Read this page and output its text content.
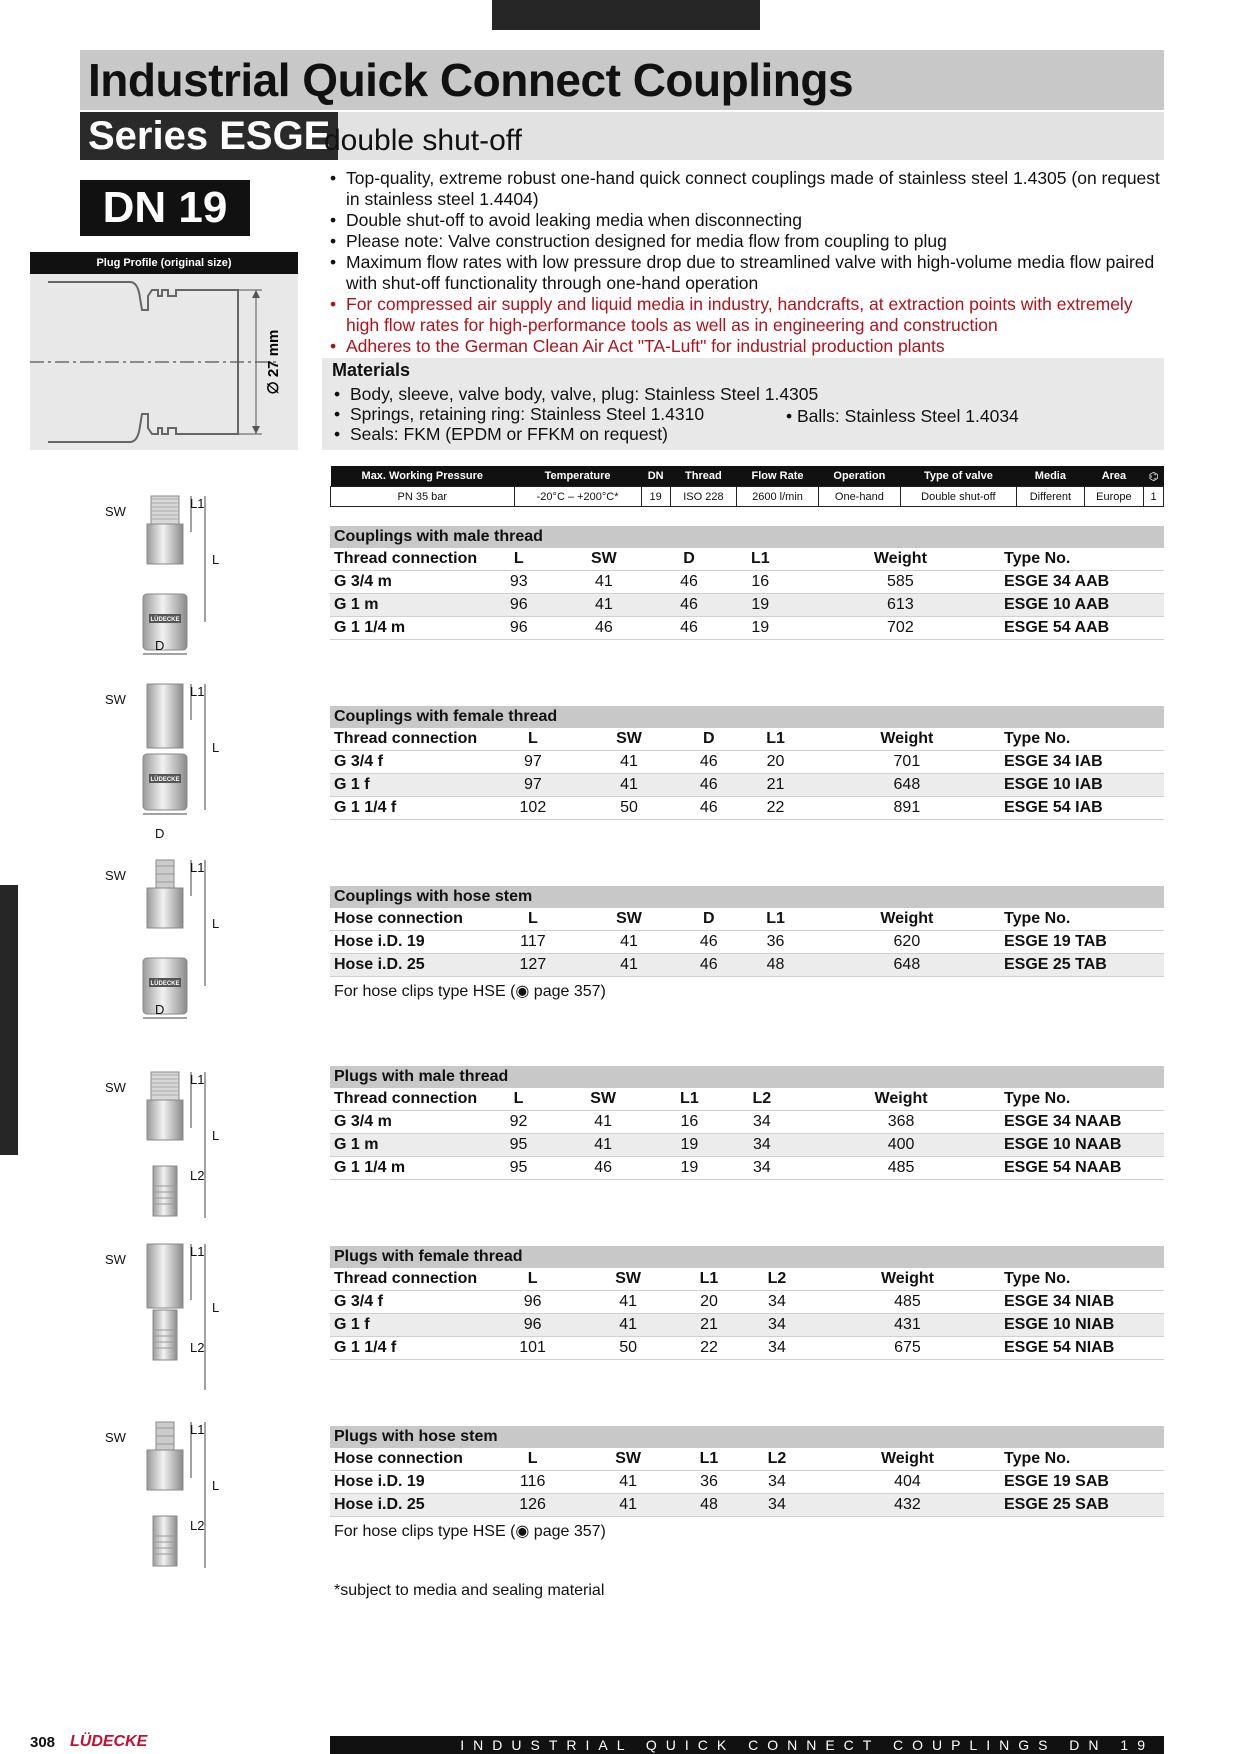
Industrial Quick Connect Couplings
Series ESGE
double shut-off
DN 19
Plug Profile (original size)
∅ 27 mm
• Top-quality, extreme robust one-hand quick connect couplings made of stainless steel 1.4305 (on request in stainless steel 1.4404)
• Double shut-off to avoid leaking media when disconnecting
• Please note: Valve construction designed for media flow from coupling to plug
• Maximum flow rates with low pressure drop due to streamlined valve with high-volume media flow paired with shut-off functionality through one-hand operation
• For compressed air supply and liquid media in industry, handcrafts, at extraction points with extremely high flow rates for high-performance tools as well as in engineering and construction
• Adheres to the German Clean Air Act "TA-Luft" for industrial production plants
Materials
• Body, sleeve, valve body, valve, plug: Stainless Steel 1.4305
• Springs, retaining ring: Stainless Steel 1.4310
• Seals: FKM (EPDM or FFKM on request)
• Balls: Stainless Steel 1.4034
Max. Working Pressure	Temperature	DN	Thread	Flow Rate	Operation	Type of valve	Media	Area	⌬
PN 35 bar	-20°C – +200°C*	19	ISO 228	2600 l/min	One-hand	Double shut-off	Different	Europe	1
Couplings with male thread
Thread connection	L	SW	D	L1	Weight	Type No.
G 3/4 m	93	41	46	16	585	ESGE 34 AAB
G 1 m	96	41	46	19	613	ESGE 10 AAB
G 1 1/4 m	96	46	46	19	702	ESGE 54 AAB
Couplings with female thread
Thread connection	L	SW	D	L1	Weight	Type No.
G 3/4 f	97	41	46	20	701	ESGE 34 IAB
G 1 f	97	41	46	21	648	ESGE 10 IAB
G 1 1/4 f	102	50	46	22	891	ESGE 54 IAB
Couplings with hose stem
Hose connection	L	SW	D	L1	Weight	Type No.
Hose i.D. 19	117	41	46	36	620	ESGE 19 TAB
Hose i.D. 25	127	41	46	48	648	ESGE 25 TAB
For hose clips type HSE (◉ page 357)
Plugs with male thread
Thread connection	L	SW	L1	L2	Weight	Type No.
G 3/4 m	92	41	16	34	368	ESGE 34 NAAB
G 1 m	95	41	19	34	400	ESGE 10 NAAB
G 1 1/4 m	95	46	19	34	485	ESGE 54 NAAB
Plugs with female thread
Thread connection	L	SW	L1	L2	Weight	Type No.
G 3/4 f	96	41	20	34	485	ESGE 34 NIAB
G 1 f	96	41	21	34	431	ESGE 10 NIAB
G 1 1/4 f	101	50	22	34	675	ESGE 54 NIAB
Plugs with hose stem
Hose connection	L	SW	L1	L2	Weight	Type No.
Hose i.D. 19	116	41	36	34	404	ESGE 19 SAB
Hose i.D. 25	126	41	48	34	432	ESGE 25 SAB
For hose clips type HSE (◉ page 357)
LÜDECKE
SW
L1
L
D
LÜDECKE
SW
L1
L
D
LÜDECKE
SW
L1
L
D
SW
L1
L
L2
SW
L1
L
L2
SW
L1
L
L2
*subject to media and sealing material
308 LÜDECKE	INDUSTRIAL QUICK CONNECT COUPLINGS DN 19
